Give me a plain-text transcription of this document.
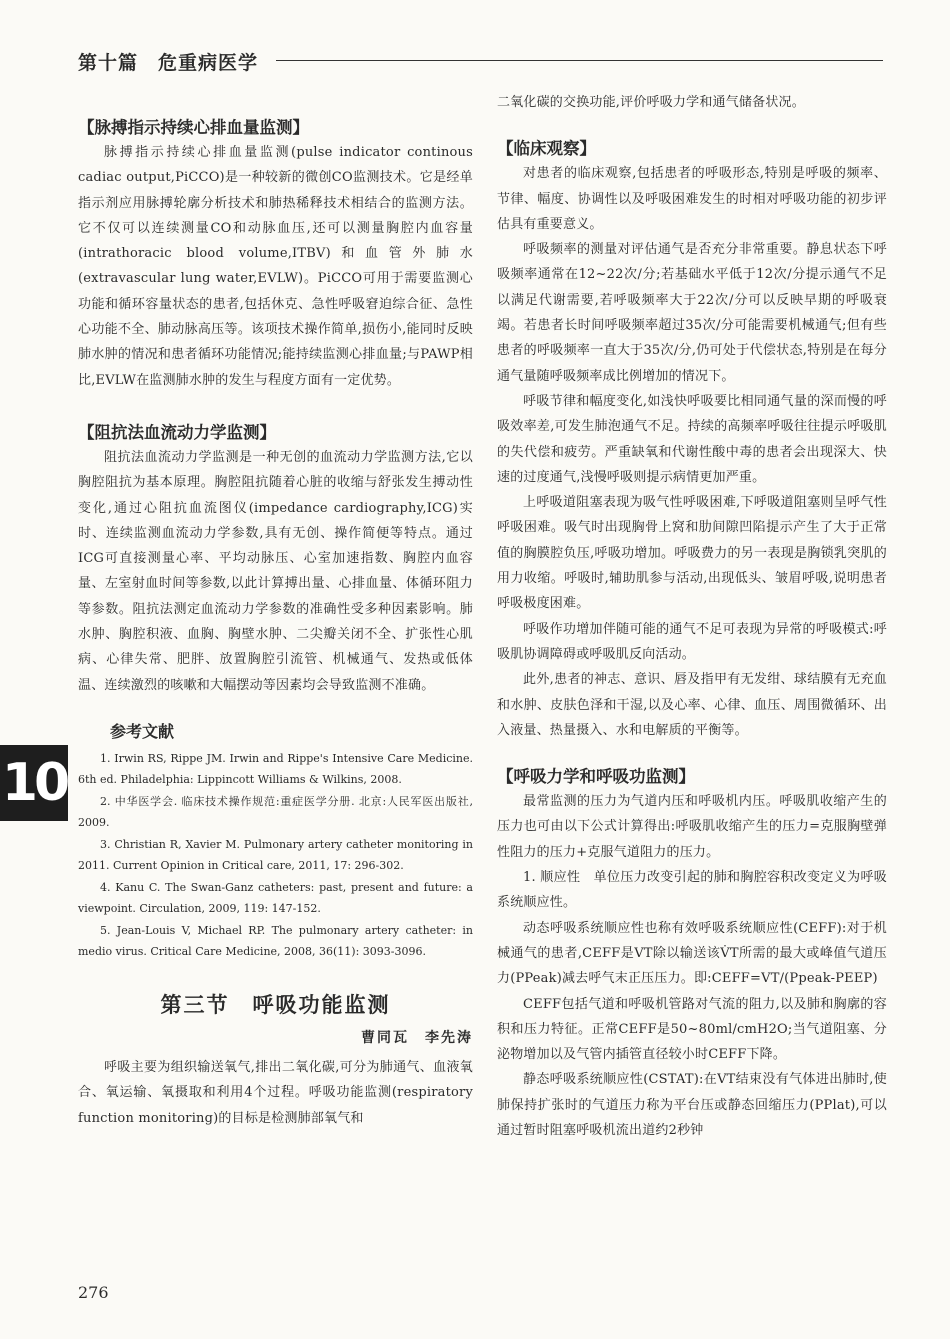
第十篇　危重病医学
【脉搏指示持续心排血量监测】

脉搏指示持续心排血量监测(pulse indicator continous cadiac output,PiCCO)是一种较新的微创CO监测技术。它是经单指示剂应用脉搏轮廓分析技术和肺热稀释技术相结合的监测方法。它不仅可以连续测量CO和动脉血压,还可以测量胸腔内血容量(intrathoracic blood volume,ITBV)和血管外肺水(extravascular lung water,EVLW)。PiCCO可用于需要监测心功能和循环容量状态的患者,包括休克、急性呼吸窘迫综合征、急性心功能不全、肺动脉高压等。该项技术操作简单,损伤小,能同时反映肺水肿的情况和患者循环功能情况;能持续监测心排血量;与PAWP相比,EVLW在监测肺水肿的发生与程度方面有一定优势。

【阻抗法血流动力学监测】

阻抗法血流动力学监测是一种无创的血流动力学监测方法,它以胸腔阻抗为基本原理。胸腔阻抗随着心脏的收缩与舒张发生搏动性变化,通过心阻抗血流图仪(impedance cardiography,ICG)实时、连续监测血流动力学参数,具有无创、操作简便等特点。通过ICG可直接测量心率、平均动脉压、心室加速指数、胸腔内血容量、左室射血时间等参数,以此计算搏出量、心排血量、体循环阻力等参数。阻抗法测定血流动力学参数的准确性受多种因素影响。肺水肿、胸腔积液、血胸、胸壁水肿、二尖瓣关闭不全、扩张性心肌病、心律失常、肥胖、放置胸腔引流管、机械通气、发热或低体温、连续激烈的咳嗽和大幅摆动等因素均会导致监测不准确。

参考文献

1. Irwin RS, Rippe JM. Irwin and Rippe's Intensive Care Medicine. 6th ed. Philadelphia: Lippincott Williams & Wilkins, 2008.

2. 中华医学会. 临床技术操作规范:重症医学分册. 北京:人民军医出版社, 2009.

3. Christian R, Xavier M. Pulmonary artery catheter monitoring in 2011. Current Opinion in Critical care, 2011, 17: 296-302.

4. Kanu C. The Swan-Ganz catheters: past, present and future: a viewpoint. Circulation, 2009, 119: 147-152.

5. Jean-Louis V, Michael RP. The pulmonary artery catheter: in medio virus. Critical Care Medicine, 2008, 36(11): 3093-3096.

第三节　呼吸功能监测

曹同瓦　李先涛

呼吸主要为组织输送氧气,排出二氧化碳,可分为肺通气、血液氧合、氧运输、氧摄取和利用4个过程。呼吸功能监测(respiratory function monitoring)的目标是检测肺部氧气和

二氧化碳的交换功能,评价呼吸力学和通气储备状况。

【临床观察】

对患者的临床观察,包括患者的呼吸形态,特别是呼吸的频率、节律、幅度、协调性以及呼吸困难发生的时相对呼吸功能的初步评估具有重要意义。

呼吸频率的测量对评估通气是否充分非常重要。静息状态下呼吸频率通常在12~22次/分;若基础水平低于12次/分提示通气不足以满足代谢需要,若呼吸频率大于22次/分可以反映早期的呼吸衰竭。若患者长时间呼吸频率超过35次/分可能需要机械通气;但有些患者的呼吸频率一直大于35次/分,仍可处于代偿状态,特别是在每分通气量随呼吸频率成比例增加的情况下。

呼吸节律和幅度变化,如浅快呼吸要比相同通气量的深而慢的呼吸效率差,可发生肺泡通气不足。持续的高频率呼吸往往提示呼吸肌的失代偿和疲劳。严重缺氧和代谢性酸中毒的患者会出现深大、快速的过度通气,浅慢呼吸则提示病情更加严重。

上呼吸道阻塞表现为吸气性呼吸困难,下呼吸道阻塞则呈呼气性呼吸困难。吸气时出现胸骨上窝和肋间隙凹陷提示产生了大于正常值的胸膜腔负压,呼吸功增加。呼吸费力的另一表现是胸锁乳突肌的用力收缩。呼吸时,辅助肌参与活动,出现低头、皱眉呼吸,说明患者呼吸极度困难。

呼吸作功增加伴随可能的通气不足可表现为异常的呼吸模式:呼吸肌协调障碍或呼吸肌反向活动。

此外,患者的神志、意识、唇及指甲有无发绀、球结膜有无充血和水肿、皮肤色泽和干湿,以及心率、心律、血压、周围微循环、出入液量、热量摄入、水和电解质的平衡等。

【呼吸力学和呼吸功监测】

最常监测的压力为气道内压和呼吸机内压。呼吸肌收缩产生的压力也可由以下公式计算得出:呼吸肌收缩产生的压力=克服胸壁弹性阻力的压力+克服气道阻力的压力。

1. 顺应性　单位压力改变引起的肺和胸腔容积改变定义为呼吸系统顺应性。

动态呼吸系统顺应性也称有效呼吸系统顺应性(CEFF):对于机械通气的患者,CEFF是VT除以输送该V̇T所需的最大或峰值气道压力(PPeak)减去呼气末正压压力。即:CEFF=VT/(Ppeak-PEEP)

CEFF包括气道和呼吸机管路对气流的阻力,以及肺和胸廓的容积和压力特征。正常CEFF是50~80ml/cmH2O;当气道阻塞、分泌物增加以及气管内插管直径较小时CEFF下降。

静态呼吸系统顺应性(CSTAT):在VT结束没有气体进出肺时,使肺保持扩张时的气道压力称为平台压或静态回缩压力(PPlat),可以通过暂时阻塞呼吸机流出道约2秒钟

10
276
